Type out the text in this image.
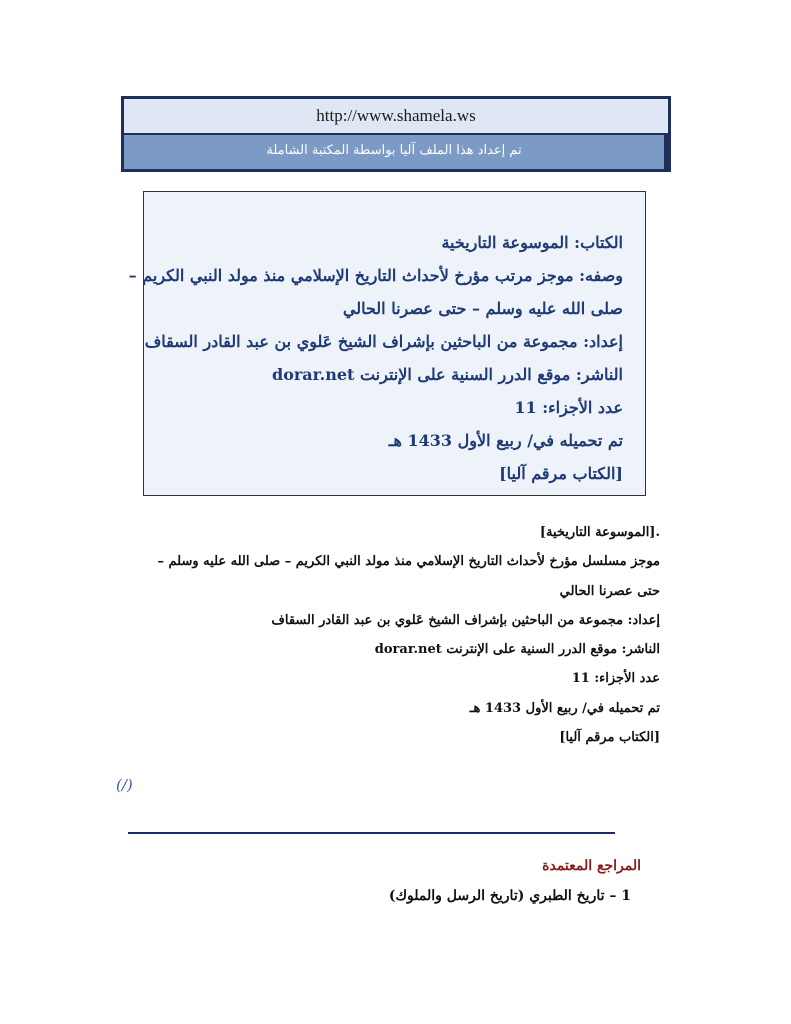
http://www.shamela.ws
تم إعداد هذا الملف آليا بواسطة المكتبة الشاملة
الكتاب: الموسوعة التاريخية
وصفه: موجز مرتب مؤرخ لأحداث التاريخ الإسلامي منذ مولد النبي الكريم –
صلى الله عليه وسلم – حتى عصرنا الحالي
إعداد: مجموعة من الباحثين بإشراف الشيخ عَلوي بن عبد القادر السقاف
الناشر: موقع الدرر السنية على الإنترنت dorar.net
عدد الأجزاء: 11
تم تحميله في/ ربيع الأول 1433 هـ
[الكتاب مرقم آليا]
.[الموسوعة التاريخية]
موجز مسلسل مؤرخ لأحداث التاريخ الإسلامي منذ مولد النبي الكريم – صلى الله عليه وسلم –
حتى عصرنا الحالي
إعداد: مجموعة من الباحثين بإشراف الشيخ عَلوي بن عبد القادر السقاف
الناشر: موقع الدرر السنية على الإنترنت dorar.net
عدد الأجزاء: 11
تم تحميله في/ ربيع الأول 1433 هـ
[الكتاب مرقم آليا]
(/)
المراجع المعتمدة
1 – تاريخ الطبري (تاريخ الرسل والملوك)
